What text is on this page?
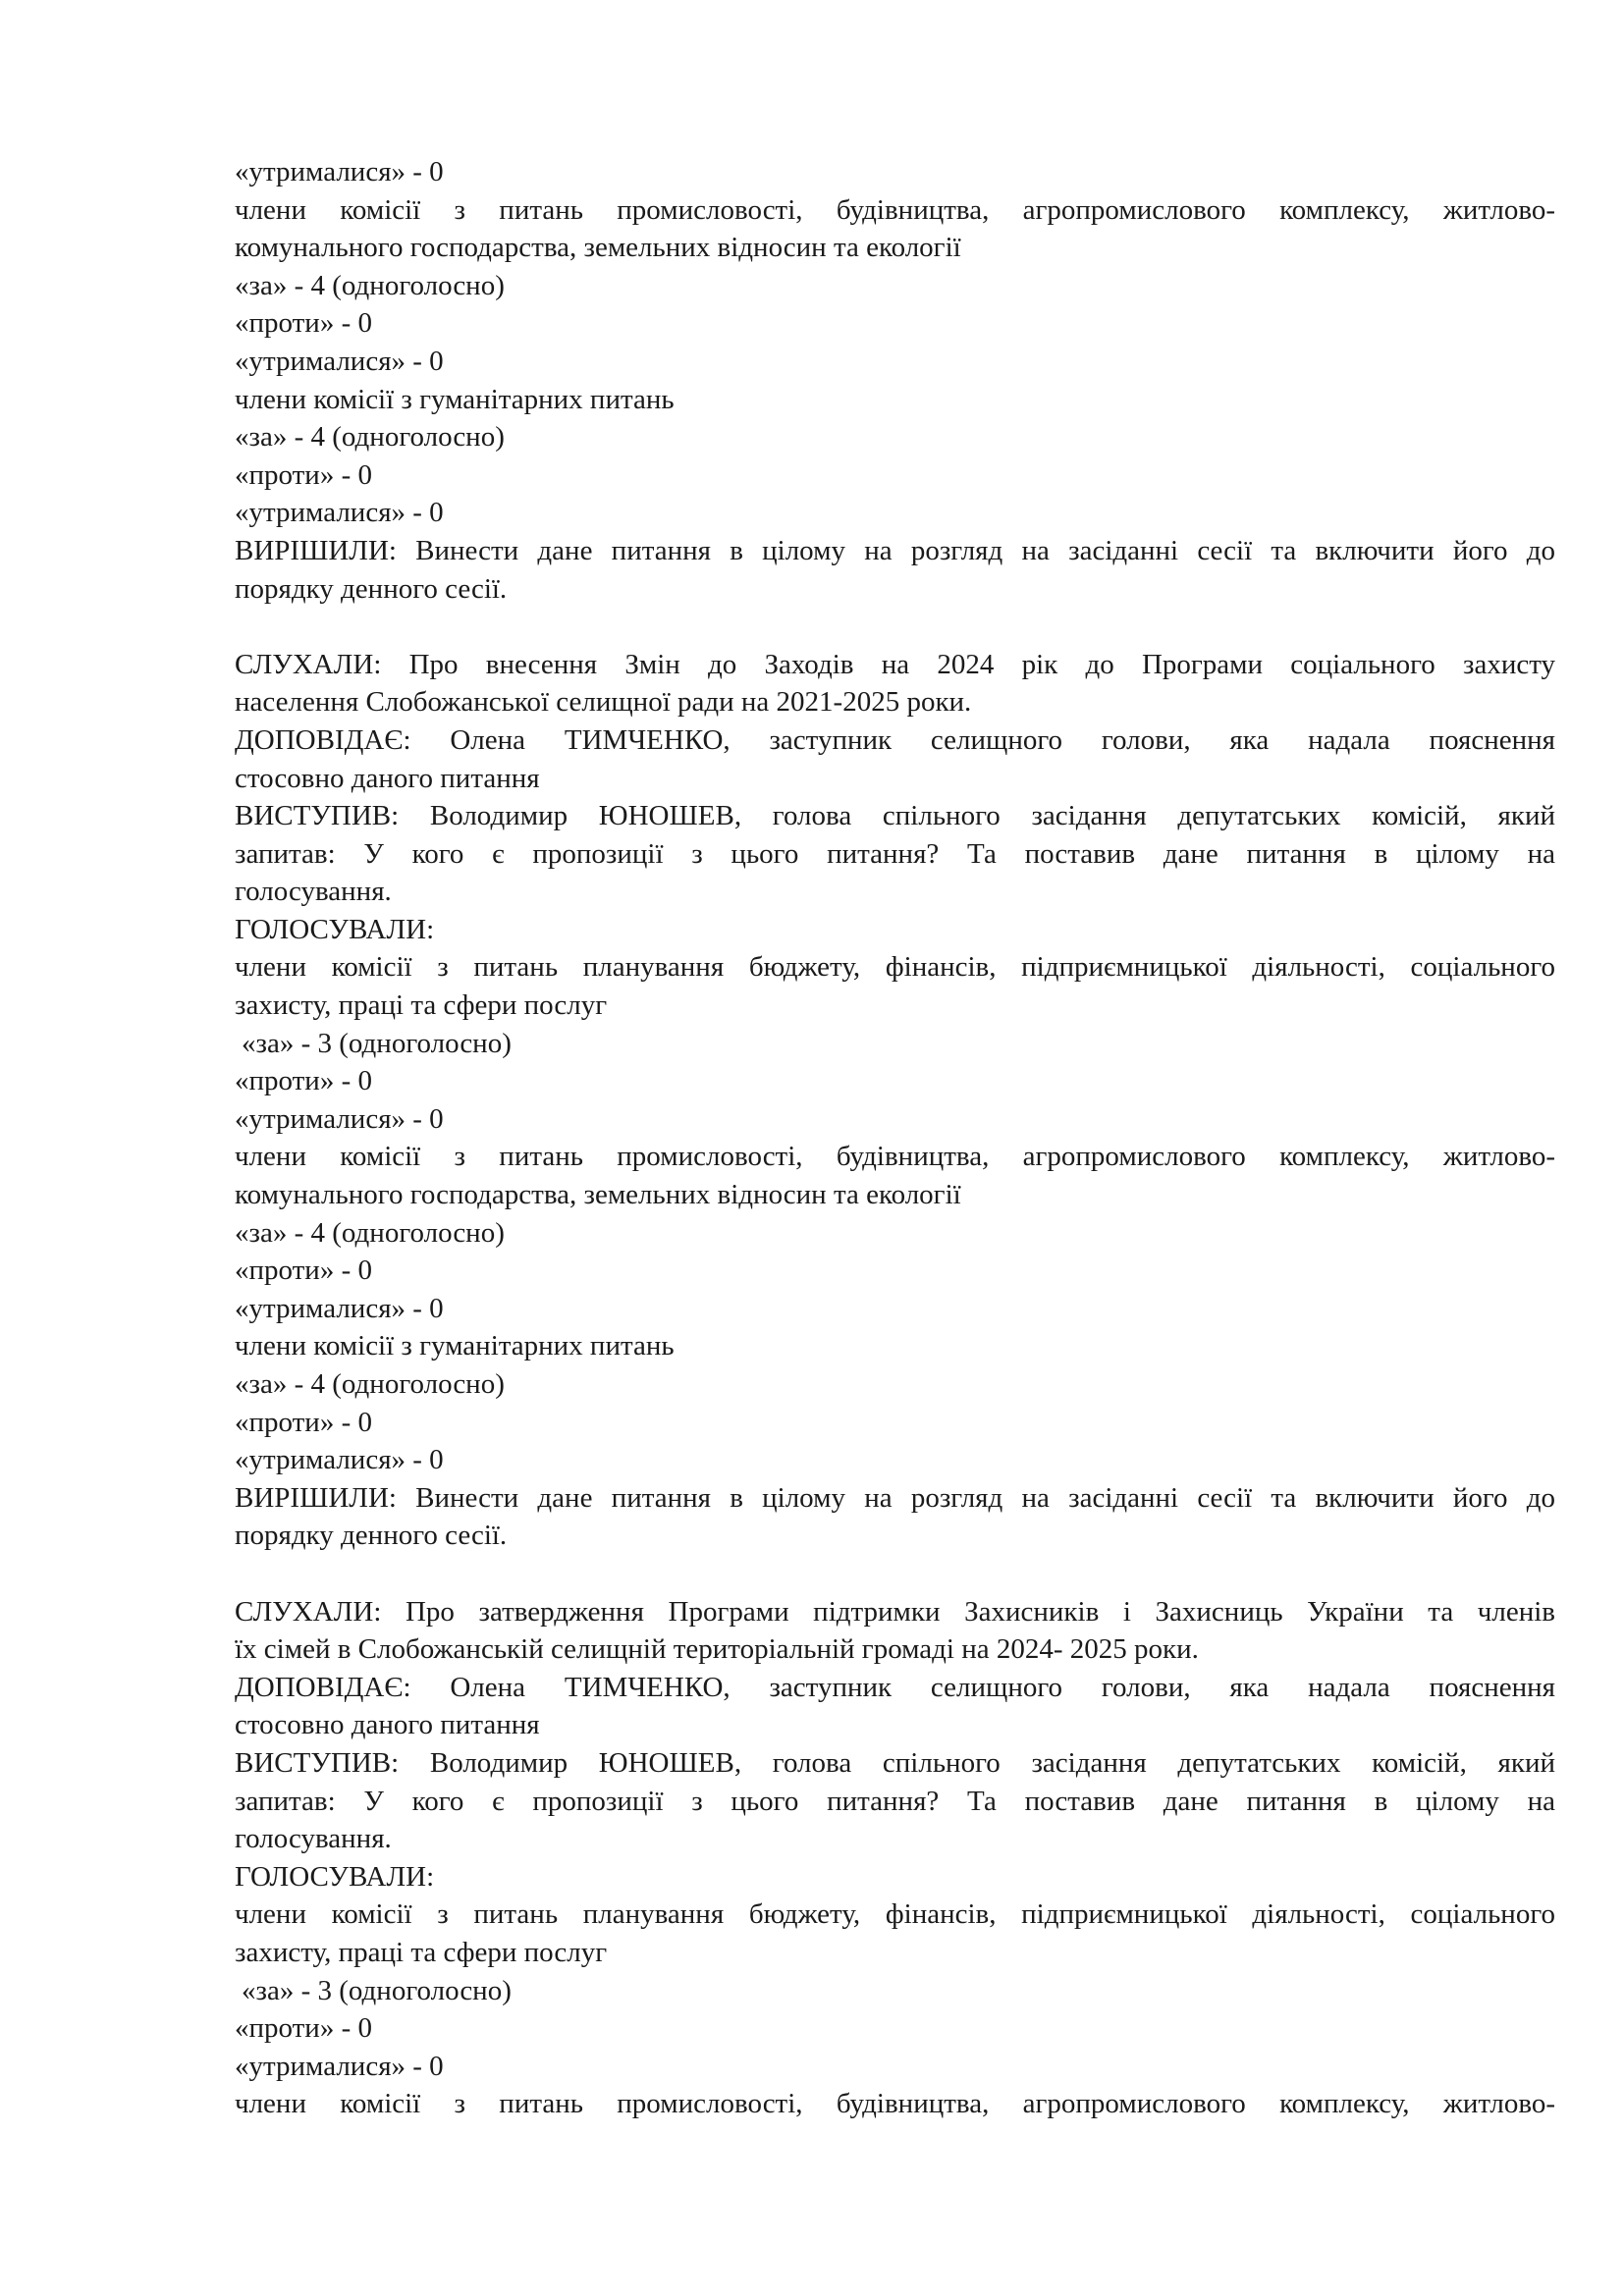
«утрималися» - 0
члени комісії з питань промисловості, будівництва, агропромислового комплексу, житлово-
комунального господарства, земельних відносин та екології
«за» - 4 (одноголосно)
«проти» - 0
«утрималися» - 0
члени комісії з гуманітарних питань
«за» - 4 (одноголосно)
«проти» - 0
«утрималися» - 0
ВИРІШИЛИ: Винести дане питання в цілому на розгляд на засіданні сесії та включити його до
порядку денного сесії.
СЛУХАЛИ: Про внесення Змін до Заходів на 2024 рік до Програми соціального захисту
населення Слобожанської селищної ради на 2021-2025 роки.
ДОПОВІДАЄ: Олена ТИМЧЕНКО, заступник селищного голови, яка надала пояснення
стосовно даного питання
ВИСТУПИВ: Володимир ЮНОШЕВ, голова спільного засідання депутатських комісій, який
запитав: У кого є пропозиції з цього питання? Та поставив дане питання в цілому на
голосування.
ГОЛОСУВАЛИ:
члени комісії з питань планування бюджету, фінансів, підприємницької діяльності, соціального
захисту, праці та сфери послуг
«за» - 3 (одноголосно)
«проти» - 0
«утрималися» - 0
члени комісії з питань промисловості, будівництва, агропромислового комплексу, житлово-
комунального господарства, земельних відносин та екології
«за» - 4 (одноголосно)
«проти» - 0
«утрималися» - 0
члени комісії з гуманітарних питань
«за» - 4 (одноголосно)
«проти» - 0
«утрималися» - 0
ВИРІШИЛИ: Винести дане питання в цілому на розгляд на засіданні сесії та включити його до
порядку денного сесії.
СЛУХАЛИ: Про затвердження Програми підтримки Захисників і Захисниць України та членів
їх сімей в Слобожанській селищній територіальній громаді на 2024- 2025 роки.
ДОПОВІДАЄ: Олена ТИМЧЕНКО, заступник селищного голови, яка надала пояснення
стосовно даного питання
ВИСТУПИВ: Володимир ЮНОШЕВ, голова спільного засідання депутатських комісій, який
запитав: У кого є пропозиції з цього питання? Та поставив дане питання в цілому на
голосування.
ГОЛОСУВАЛИ:
члени комісії з питань планування бюджету, фінансів, підприємницької діяльності, соціального
захисту, праці та сфери послуг
«за» - 3 (одноголосно)
«проти» - 0
«утрималися» - 0
члени комісії з питань промисловості, будівництва, агропромислового комплексу, житлово-
